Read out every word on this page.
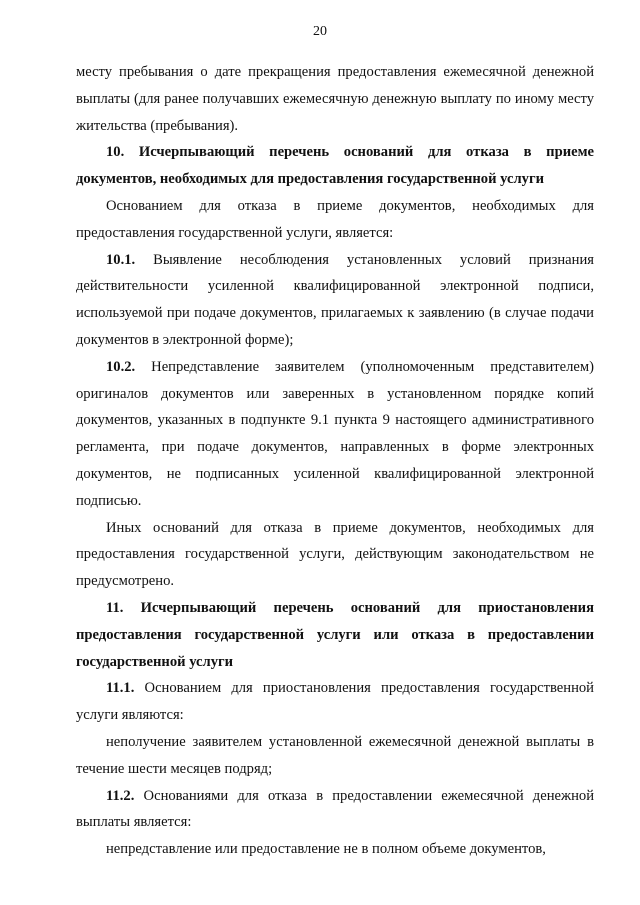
20

месту пребывания о дате прекращения предоставления ежемесячной денежной выплаты (для ранее получавших ежемесячную денежную выплату по иному месту жительства (пребывания).

10. Исчерпывающий перечень оснований для отказа в приеме документов, необходимых для предоставления государственной услуги

Основанием для отказа в приеме документов, необходимых для предоставления государственной услуги, является:

10.1. Выявление несоблюдения установленных условий признания действительности усиленной квалифицированной электронной подписи, используемой при подаче документов, прилагаемых к заявлению (в случае подачи документов в электронной форме);

10.2. Непредставление заявителем (уполномоченным представителем) оригиналов документов или заверенных в установленном порядке копий документов, указанных в подпункте 9.1 пункта 9 настоящего административного регламента, при подаче документов, направленных в форме электронных документов, не подписанных усиленной квалифицированной электронной подписью.

Иных оснований для отказа в приеме документов, необходимых для предоставления государственной услуги, действующим законодательством не предусмотрено.

11. Исчерпывающий перечень оснований для приостановления предоставления государственной услуги или отказа в предоставлении государственной услуги

11.1. Основанием для приостановления предоставления государственной услуги являются:

неполучение заявителем установленной ежемесячной денежной выплаты в течение шести месяцев подряд;

11.2. Основаниями для отказа в предоставлении ежемесячной денежной выплаты является:

непредставление или предоставление не в полном объеме документов,
